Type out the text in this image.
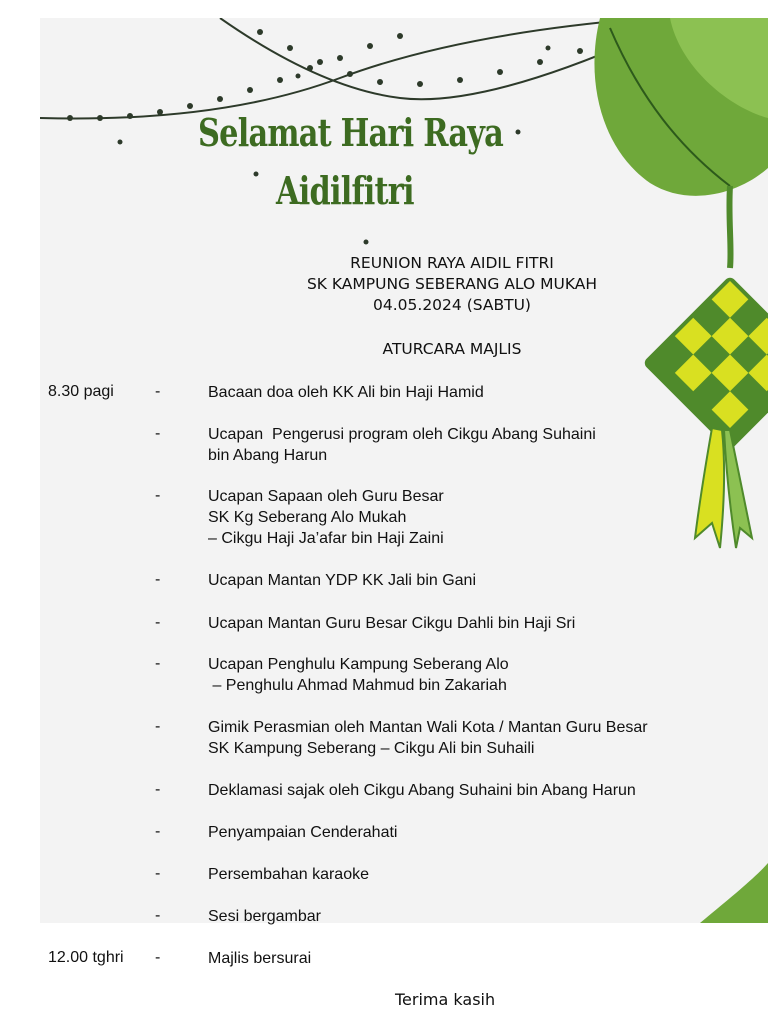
Selamat Hari Raya
Aidilfitri
REUNION RAYA AIDIL FITRI
SK KAMPUNG SEBERANG ALO MUKAH
04.05.2024 (SABTU)
ATURCARA MAJLIS
8.30 pagi	-	Bacaan doa oleh KK Ali bin Haji Hamid
-	Ucapan  Pengerusi program oleh Cikgu Abang Suhaini
bin Abang Harun
-	Ucapan Sapaan oleh Guru Besar
SK Kg Seberang Alo Mukah
– Cikgu Haji Ja’afar bin Haji Zaini
-	Ucapan Mantan YDP KK Jali bin Gani
-	Ucapan Mantan Guru Besar Cikgu Dahli bin Haji Sri
-	Ucapan Penghulu Kampung Seberang Alo
– Penghulu Ahmad Mahmud bin Zakariah
-	Gimik Perasmian oleh Mantan Wali Kota / Mantan Guru Besar
SK Kampung Seberang – Cikgu Ali bin Suhaili
-	Deklamasi sajak oleh Cikgu Abang Suhaini bin Abang Harun
-	Penyampaian Cenderahati
-	Persembahan karaoke
-	Sesi bergambar
12.00 tghri -	Majlis bersurai
Terima kasih
